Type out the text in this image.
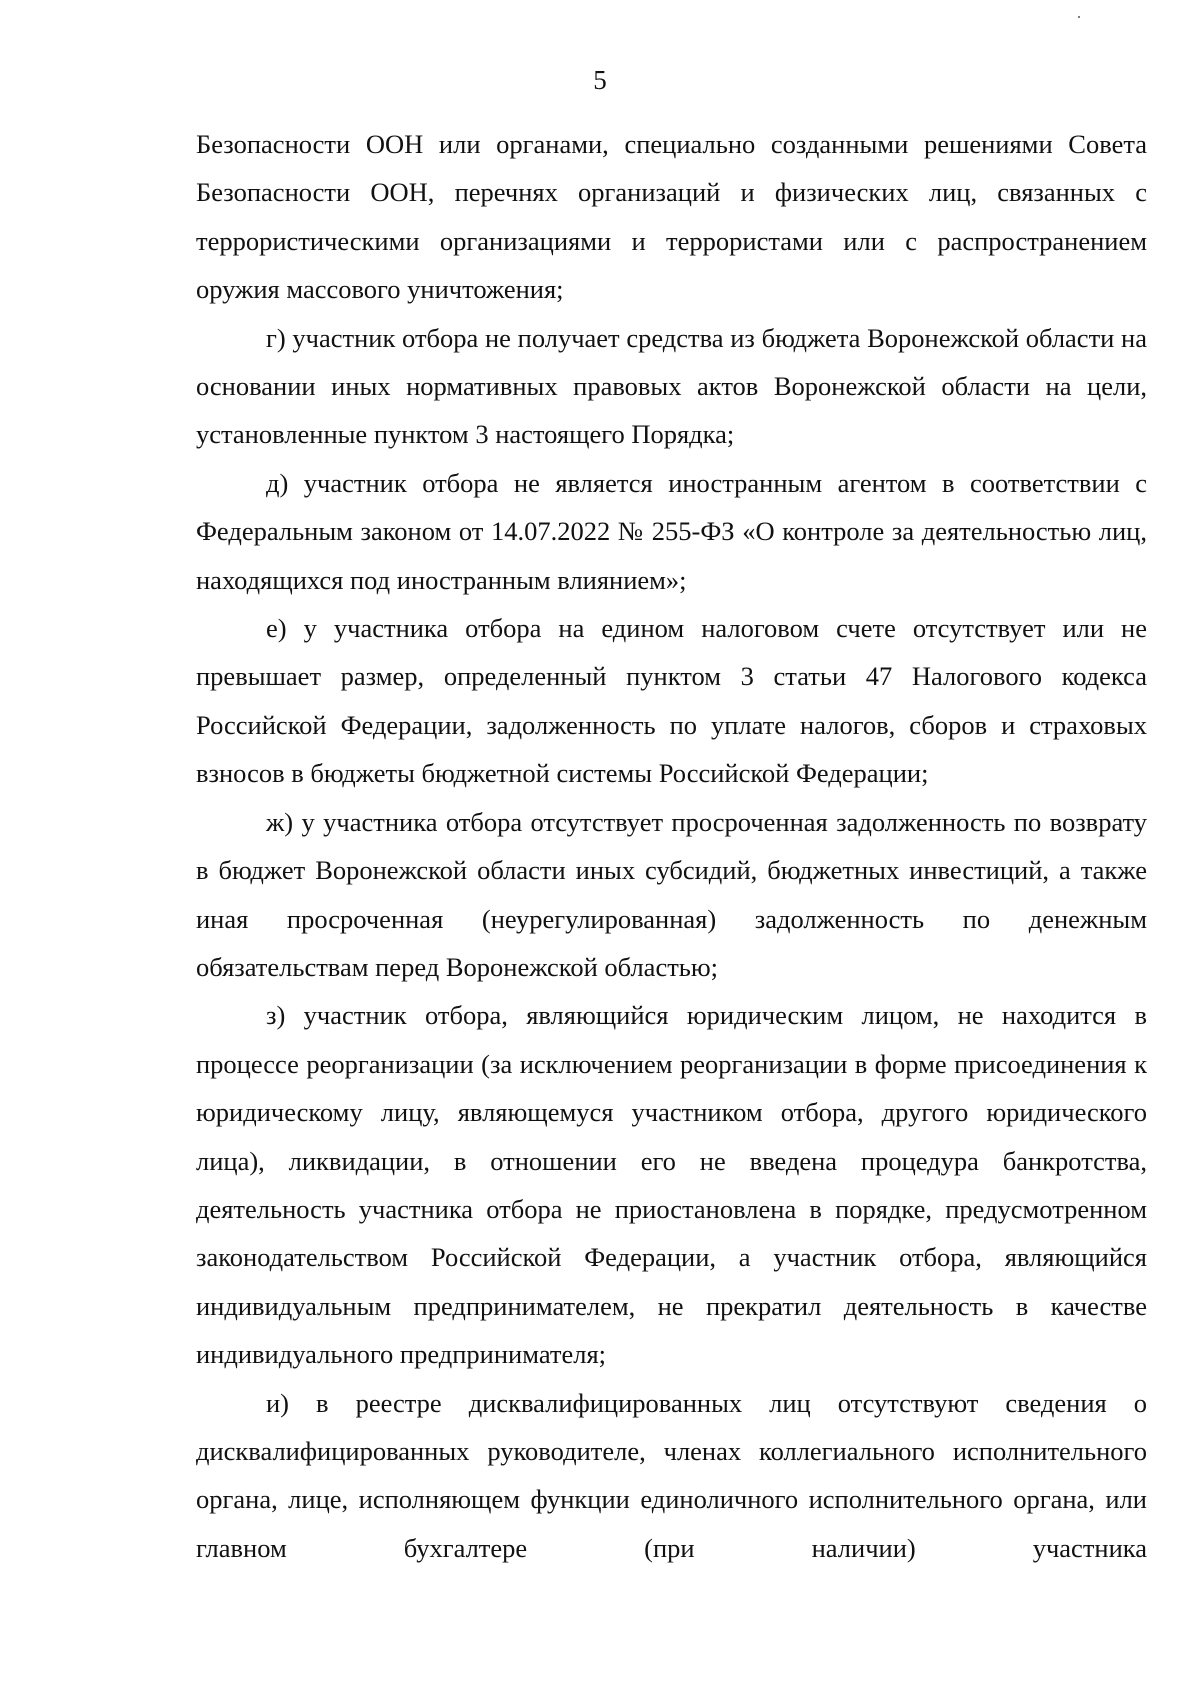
5

Безопасности ООН или органами, специально созданными решениями Совета Безопасности ООН, перечнях организаций и физических лиц, связанных с террористическими организациями и террористами или с распространением оружия массового уничтожения;

г) участник отбора не получает средства из бюджета Воронежской области на основании иных нормативных правовых актов Воронежской области на цели, установленные пунктом 3 настоящего Порядка;

д) участник отбора не является иностранным агентом в соответствии с Федеральным законом от 14.07.2022 № 255-ФЗ «О контроле за деятельностью лиц, находящихся под иностранным влиянием»;

е) у участника отбора на едином налоговом счете отсутствует или не превышает размер, определенный пунктом 3 статьи 47 Налогового кодекса Российской Федерации, задолженность по уплате налогов, сборов и страховых взносов в бюджеты бюджетной системы Российской Федерации;

ж) у участника отбора отсутствует просроченная задолженность по возврату в бюджет Воронежской области иных субсидий, бюджетных инвестиций, а также иная просроченная (неурегулированная) задолженность по денежным обязательствам перед Воронежской областью;

з) участник отбора, являющийся юридическим лицом, не находится в процессе реорганизации (за исключением реорганизации в форме присоединения к юридическому лицу, являющемуся участником отбора, другого юридического лица), ликвидации, в отношении его не введена процедура банкротства, деятельность участника отбора не приостановлена в порядке, предусмотренном законодательством Российской Федерации, а участник отбора, являющийся индивидуальным предпринимателем, не прекратил деятельность в качестве индивидуального предпринимателя;

и) в реестре дисквалифицированных лиц отсутствуют сведения о дисквалифицированных руководителе, членах коллегиального исполнительного органа, лице, исполняющем функции единоличного исполнительного органа, или главном бухгалтере (при наличии) участника
